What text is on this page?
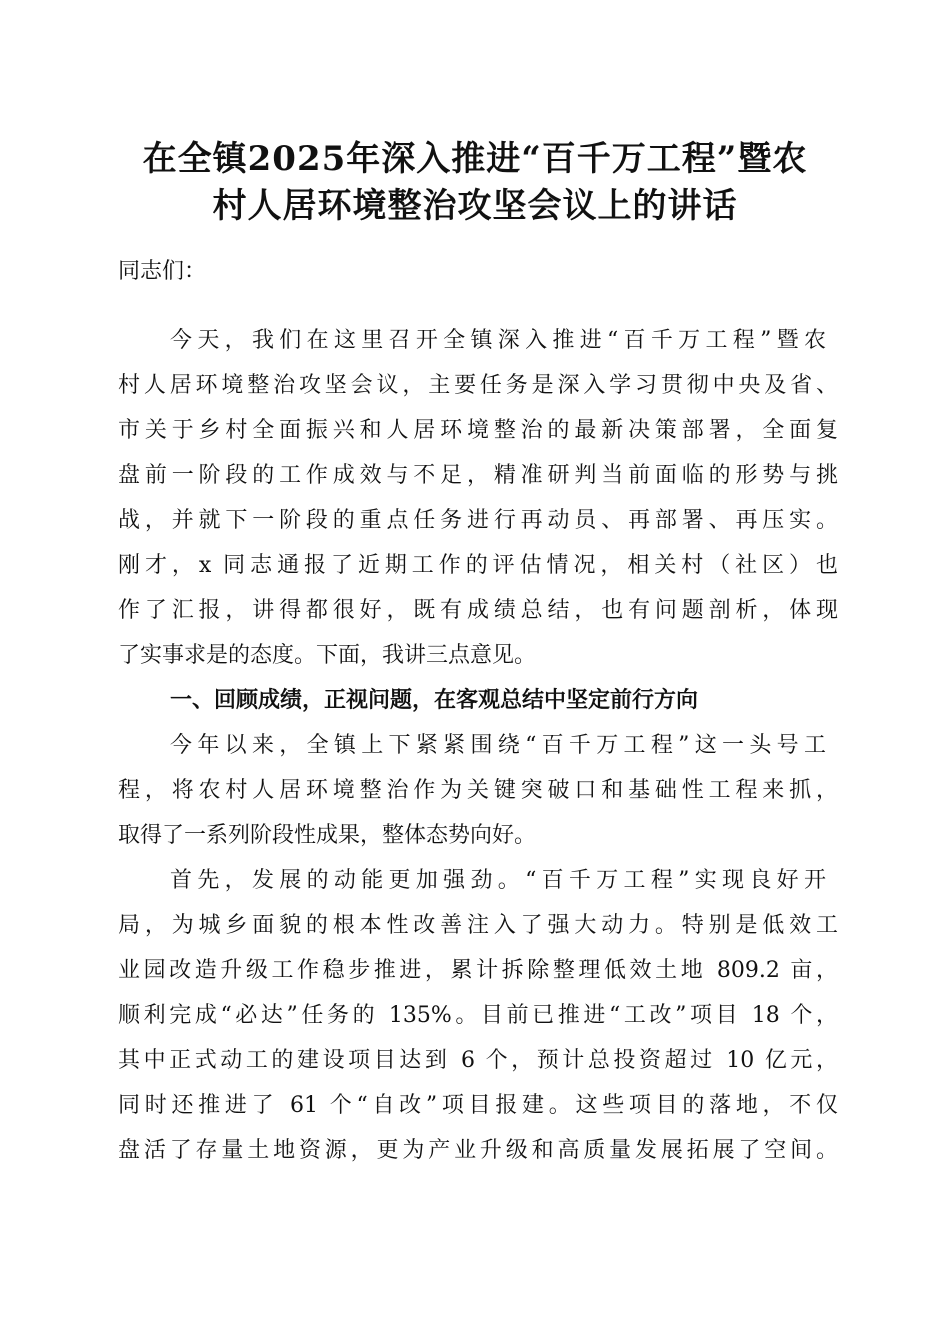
在全镇2025年深入推进“百千万工程”暨农
村人居环境整治攻坚会议上的讲话
同志们：
今天，我们在这里召开全镇深入推进“百千万工程”暨农
村人居环境整治攻坚会议，主要任务是深入学习贯彻中央及省、
市关于乡村全面振兴和人居环境整治的最新决策部署，全面复
盘前一阶段的工作成效与不足，精准研判当前面临的形势与挑
战，并就下一阶段的重点任务进行再动员、再部署、再压实。
刚才，x 同志通报了近期工作的评估情况，相关村（社区）也
作了汇报，讲得都很好，既有成绩总结，也有问题剖析，体现
了实事求是的态度。下面，我讲三点意见。
一、回顾成绩，正视问题，在客观总结中坚定前行方向
今年以来，全镇上下紧紧围绕“百千万工程”这一头号工
程，将农村人居环境整治作为关键突破口和基础性工程来抓，
取得了一系列阶段性成果，整体态势向好。
首先，发展的动能更加强劲。“百千万工程”实现良好开
局，为城乡面貌的根本性改善注入了强大动力。特别是低效工
业园改造升级工作稳步推进，累计拆除整理低效土地 809.2 亩，
顺利完成“必达”任务的 135%。目前已推进“工改”项目 18 个，
其中正式动工的建设项目达到 6 个，预计总投资超过 10 亿元，
同时还推进了 61 个“自改”项目报建。这些项目的落地，不仅
盘活了存量土地资源，更为产业升级和高质量发展拓展了空间。
